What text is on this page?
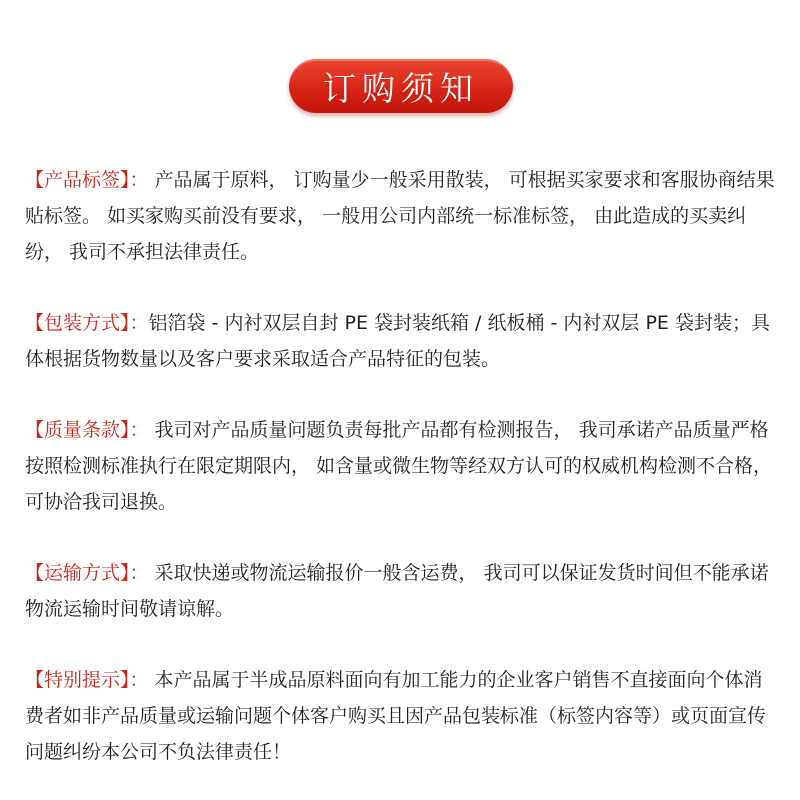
订购须知
【产品标签】： 产品属于原料， 订购量少一般采用散装， 可根据买家要求和客服协商结果贴标签。 如买家购买前没有要求， 一般用公司内部统一标准标签， 由此造成的买卖纠纷， 我司不承担法律责任。
【包装方式】：铝箔袋 - 内衬双层自封 PE 袋封装纸箱 / 纸板桶 - 内衬双层 PE 袋封装；具体根据货物数量以及客户要求采取适合产品特征的包装。
【质量条款】： 我司对产品质量问题负责每批产品都有检测报告， 我司承诺产品质量严格按照检测标准执行在限定期限内， 如含量或微生物等经双方认可的权威机构检测不合格， 可协洽我司退换。
【运输方式】： 采取快递或物流运输报价一般含运费， 我司可以保证发货时间但不能承诺物流运输时间敬请谅解。
【特别提示】： 本产品属于半成品原料面向有加工能力的企业客户销售不直接面向个体消费者如非产品质量或运输问题个体客户购买且因产品包装标准（标签内容等）或页面宣传问题纠纷本公司不负法律责任！
